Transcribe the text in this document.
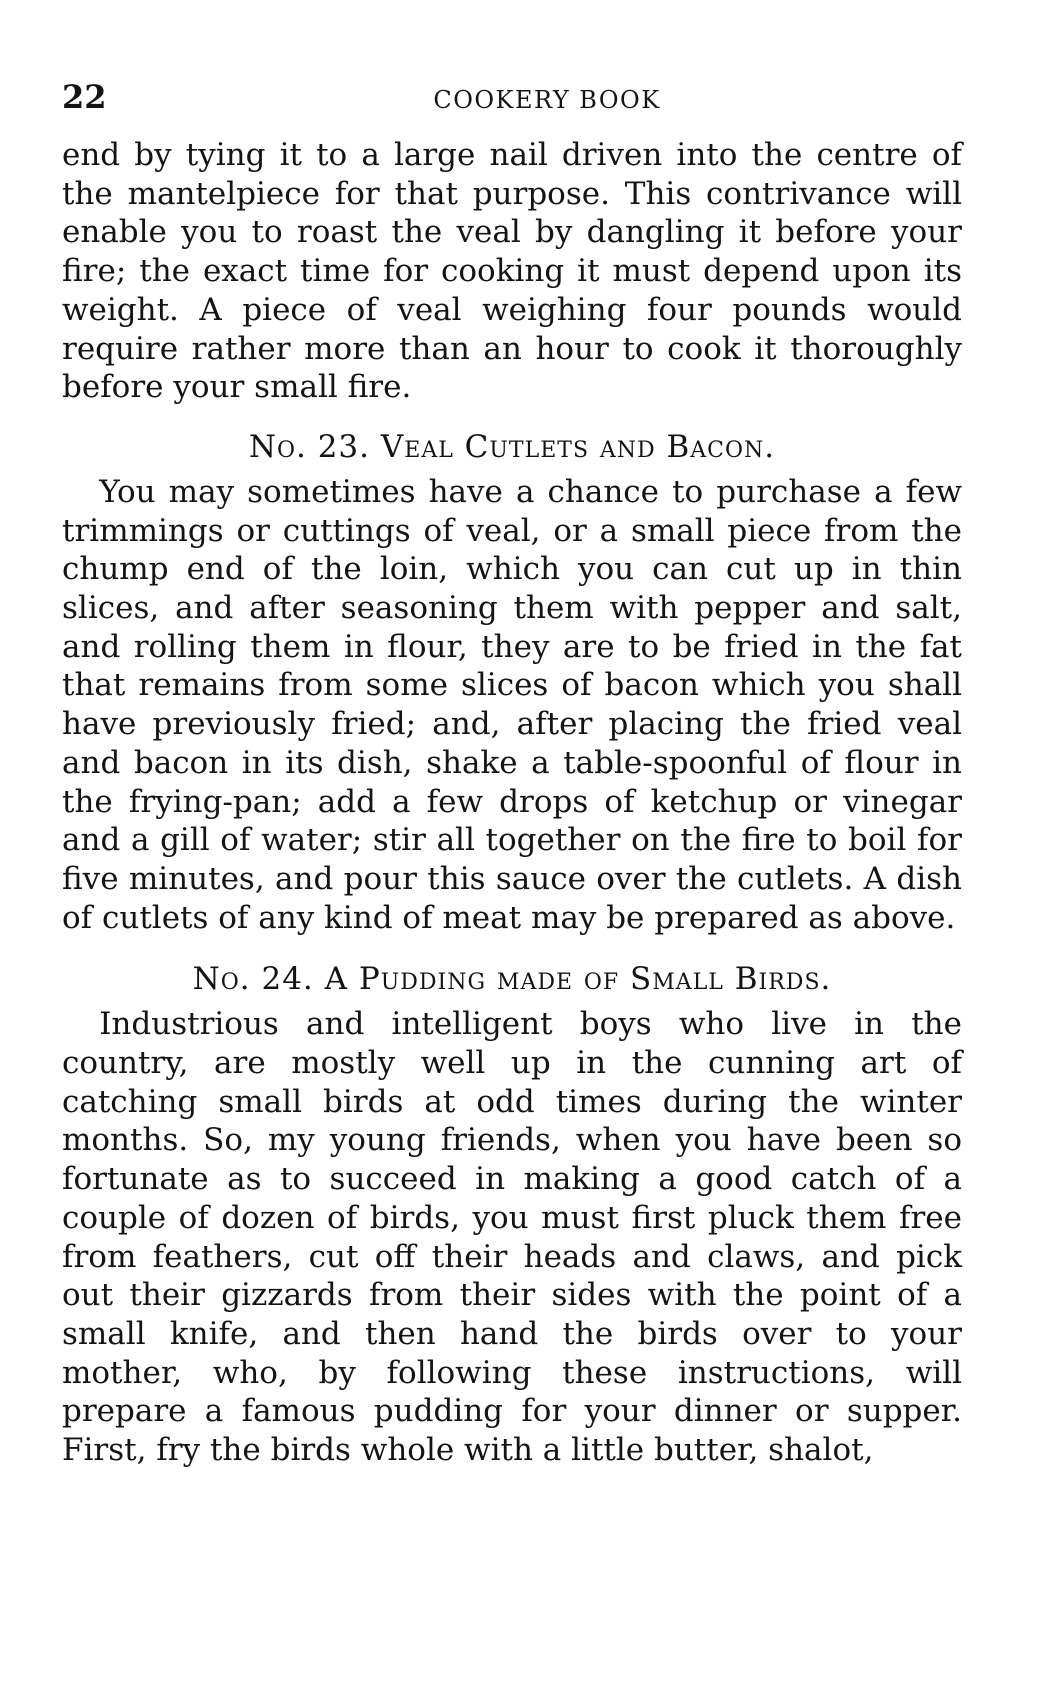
22	COOKERY BOOK

end by tying it to a large nail driven into the centre of the mantelpiece for that purpose. This contrivance will enable you to roast the veal by dangling it before your fire; the exact time for cooking it must depend upon its weight. A piece of veal weighing four pounds would require rather more than an hour to cook it thoroughly before your small fire.

No. 23. Veal Cutlets and Bacon.

You may sometimes have a chance to purchase a few trimmings or cuttings of veal, or a small piece from the chump end of the loin, which you can cut up in thin slices, and after seasoning them with pepper and salt, and rolling them in flour, they are to be fried in the fat that remains from some slices of bacon which you shall have previously fried; and, after placing the fried veal and bacon in its dish, shake a table-spoonful of flour in the frying-pan; add a few drops of ketchup or vinegar and a gill of water; stir all together on the fire to boil for five minutes, and pour this sauce over the cutlets. A dish of cutlets of any kind of meat may be prepared as above.

No. 24. A Pudding made of Small Birds.

Industrious and intelligent boys who live in the country, are mostly well up in the cunning art of catching small birds at odd times during the winter months. So, my young friends, when you have been so fortunate as to succeed in making a good catch of a couple of dozen of birds, you must first pluck them free from feathers, cut off their heads and claws, and pick out their gizzards from their sides with the point of a small knife, and then hand the birds over to your mother, who, by following these instructions, will prepare a famous pudding for your dinner or supper. First, fry the birds whole with a little butter, shalot,
